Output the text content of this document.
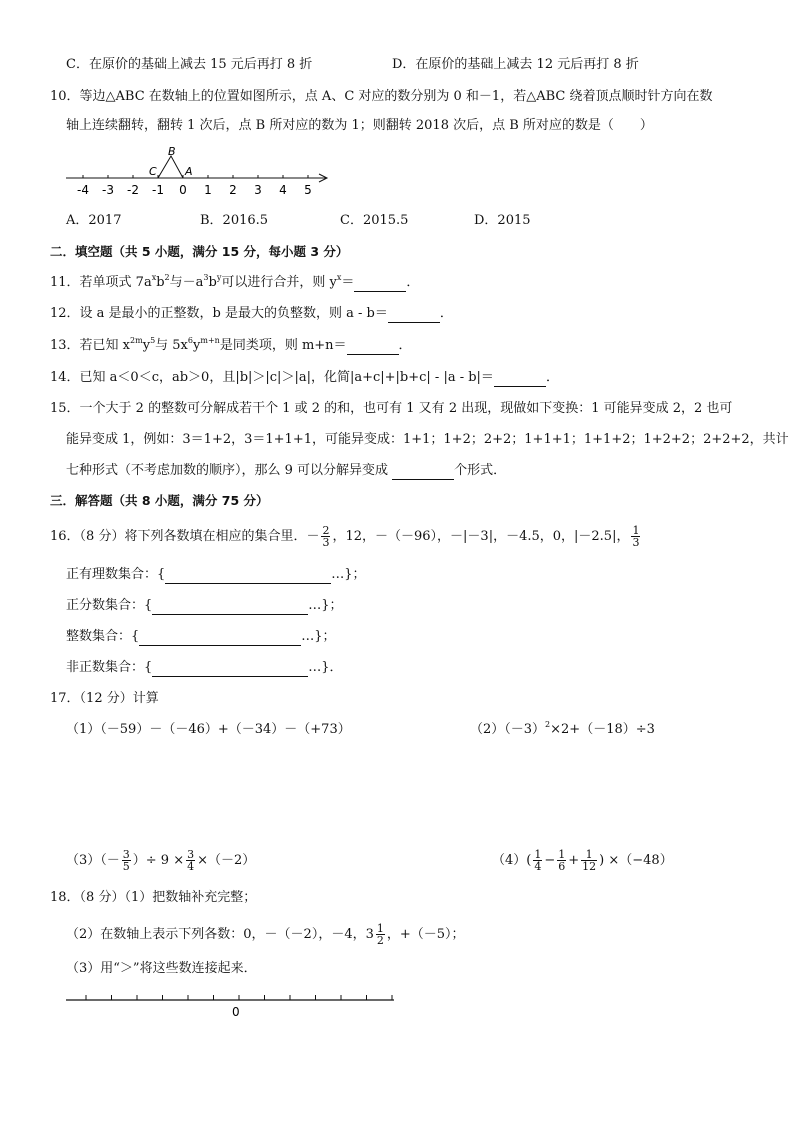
C．在原价的基础上减去 15 元后再打 8 折	D．在原价的基础上减去 12 元后再打 8 折
10．等边△ABC 在数轴上的位置如图所示，点 A、C 对应的数分别为 0 和－1，若△ABC 绕着顶点顺时针方向在数
轴上连续翻转，翻转 1 次后，点 B 所对应的数为 1；则翻转 2018 次后，点 B 所对应的数是（　　）
-4 -3 -2 -1 0 1 2 3 4 5
B
C	A
A．2017	B．2016.5	C．2015.5	D．2015
二．填空题（共 5 小题，满分 15 分，每小题 3 分）
11．若单项式 $7a^xb^2$与$-a^3b^y$可以进行合并，则 $y^x=$	．
12．设 a 是最小的正整数，b 是最大的负整数，则 a - b＝	．
13．若已知 $x^{2m}y^5$与 $5x^6y^{m+n}$是同类项，则 m+n＝	．
14．已知 a＜0＜c，ab＞0，且|b|＞|c|＞|a|，化简|a+c|+|b+c| - |a - b|＝	．
15．一个大于 2 的整数可分解成若干个 1 或 2 的和，也可有 1 又有 2 出现，现做如下变换：1 可能异变成 2，2 也可
能异变成 1，例如：3＝1+2，3＝1+1+1，可能异变成：1+1；1+2；2+2；1+1+1；1+1+2；1+2+2；2+2+2，共计
七种形式（不考虑加数的顺序），那么 9 可以分解异变成	个形式．
三．解答题（共 8 小题，满分 75 分）
16．（8 分）将下列各数填在相应的集合里．－ $\frac{2}{3}$ ，12，－（－96），－|－3|，－4.5，0，|－2.5|， $\frac{1}{3}$
正有理数集合：{	…}；
正分数集合：{	…}；
整数集合：{	…}；
非正数集合：{	…}．
17．（12 分）计算
（1）（－59）－（－46）+（－34）－（+73）	$(2)(-3)^2\times 2+(-18)\div 3$
$(3)(- \frac{3}{5}$ ）÷ $9 \times \frac{3}{4} \times(-2)$	$(4)( \frac{1}{4} - \frac{1}{6} + \frac{1}{12}$ ) ×（−48）
18．（8 分）（1）把数轴补充完整；
（2）在数轴上表示下列各数：0，－（－2），－4，$3 \frac{1}{2}$ ，+（－5）；
（3）用“＞”将这些数连接起来．
0
